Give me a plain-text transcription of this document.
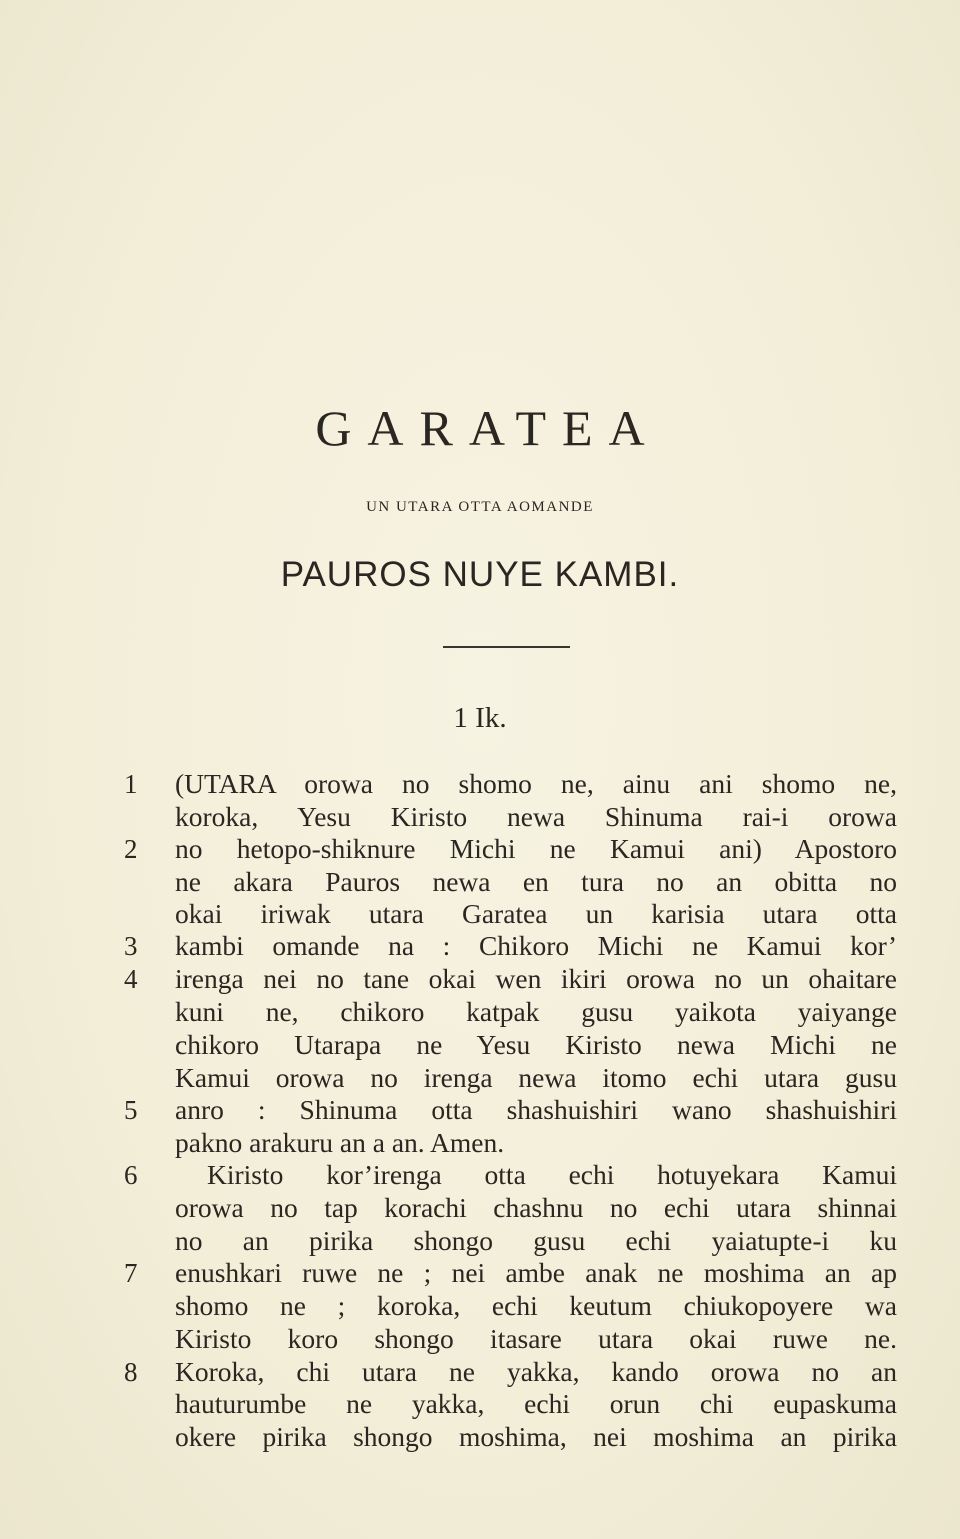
GARATEA
UN UTARA OTTA AOMANDE
PAUROS NUYE KAMBI.
1 Ik.
1
2
3
4
5
6
7
8
(UTARA orowa no shomo ne, ainu ani shomo ne,
koroka, Yesu Kiristo newa Shinuma rai-i orowa
no hetopo-shiknure Michi ne Kamui ani) Apostoro
ne akara Pauros newa en tura no an obitta no
okai iriwak utara Garatea un karisia utara otta
kambi omande na : Chikoro Michi ne Kamui kor’
irenga nei no tane okai wen ikiri orowa no un ohaitare
kuni ne, chikoro katpak gusu yaikota yaiyange
chikoro Utarapa ne Yesu Kiristo newa Michi ne
Kamui orowa no irenga newa itomo echi utara gusu
anro : Shinuma otta shashuishiri wano shashuishiri
pakno arakuru an a an. Amen.
Kiristo kor’irenga otta echi hotuyekara Kamui
orowa no tap korachi chashnu no echi utara shinnai
no an pirika shongo gusu echi yaiatupte-i ku
enushkari ruwe ne ; nei ambe anak ne moshima an ap
shomo ne ; koroka, echi keutum chiukopoyere wa
Kiristo koro shongo itasare utara okai ruwe ne.
Koroka, chi utara ne yakka, kando orowa no an
hauturumbe ne yakka, echi orun chi eupaskuma
okere pirika shongo moshima, nei moshima an pirika
